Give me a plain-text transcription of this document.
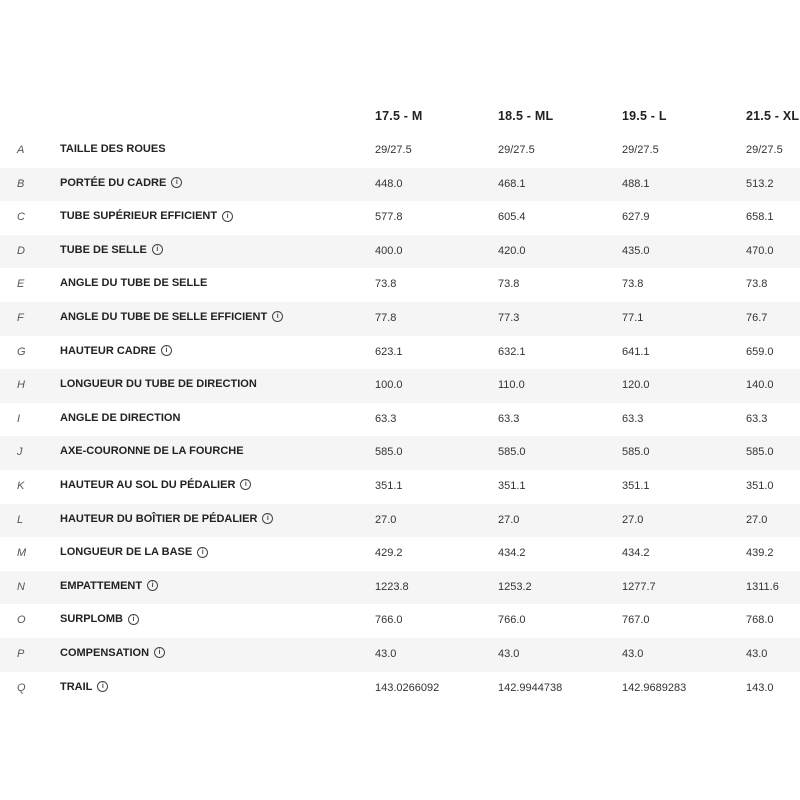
17.5 - M	18.5 - ML	19.5 - L	21.5 - XL
A	TAILLE DES ROUES	29/27.5	29/27.5	29/27.5	29/27.5
B	PORTÉE DU CADRE	i	448.0	468.1	488.1	513.2
C	TUBE SUPÉRIEUR EFFICIENT	i	577.8	605.4	627.9	658.1
D	TUBE DE SELLE	i	400.0	420.0	435.0	470.0
E	ANGLE DU TUBE DE SELLE	73.8	73.8	73.8	73.8
F	ANGLE DU TUBE DE SELLE EFFICIENT	i	77.8	77.3	77.1	76.7
G	HAUTEUR CADRE	i	623.1	632.1	641.1	659.0
H	LONGUEUR DU TUBE DE DIRECTION	100.0	110.0	120.0	140.0
I	ANGLE DE DIRECTION	63.3	63.3	63.3	63.3
J	AXE-COURONNE DE LA FOURCHE	585.0	585.0	585.0	585.0
K	HAUTEUR AU SOL DU PÉDALIER	i	351.1	351.1	351.1	351.0
L	HAUTEUR DU BOÎTIER DE PÉDALIER	i	27.0	27.0	27.0	27.0
M	LONGUEUR DE LA BASE	i	429.2	434.2	434.2	439.2
N	EMPATTEMENT	i	1223.8	1253.2	1277.7	1311.6
O	SURPLOMB	i	766.0	766.0	767.0	768.0
P	COMPENSATION	i	43.0	43.0	43.0	43.0
Q	TRAIL	i	143.0266092	142.9944738	142.9689283	143.0
